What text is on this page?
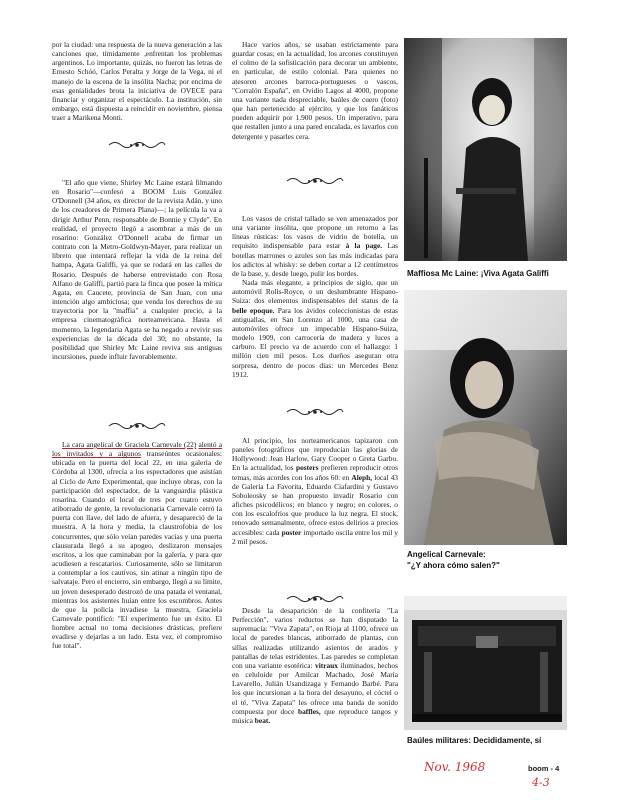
por la ciudad: una respuesta de la nueva generación a las canciones que, tímidamente ,enfrentan los problemas argentinos. Lo importante, quizás, no fueron las letras de Ernesto Schóó, Carlos Peralta y Jorge de la Vega, ni el manejo de la escena de la insólita Nacha; por encima de esas genialidades brota la iniciativa de OVECE para financiar y organizar el espectáculo. La institución, sin embargo, está dispuesta a reincidir en noviembre, piensa traer a Marikena Monti.

"El año que viene, Shirley Mc Laine estará filmando en Rosario"—confesó a BOOM Luis González O'Donnell (34 años, ex director de la revista Adán, y uno de los creadores de Primera Plana)—; la película la va a dirigir Arthur Penn, responsable de Bonnie y Clyde". En realidad, el proyecto llegó a asombrar a más de un rosarino: González O'Donnell acaba de firmar un contrato con la Metro-Goldwyn-Mayer, para realizar un libreto que intentará reflejar la vida de la reina del hampa, Agata Galiffi, ya que se rodará en las calles de Rosario. Después de haberse entrevistado con Rosa Alfano de Galiffi, partió para la finca que posee la mítica Agata, en Caucete, provincia de San Juan, con una intención algo ambiciosa; que venda los derechos de su trayectoria por la "maffia" a cualquier precio, a la empresa cinematográfica norteamericana. Hasta el momento, la legendaria Agata se ha negado a revivir sus experiencias de la década del 30; no obstante, la posibilidad que Shirley Mc Laine reviva sus antiguas incursiones, puede influir favorablemente.

La cara angelical de Graciela Carnevale (22) alentó a los invitados y a algunos transeúntes ocasionales: ubicada en la puerta del local 22, en una galería de Córdoba al 1300, ofrecía a los espectadores que asistían al Ciclo de Arte Experimental, que incluye obras, con la participación del espectador, de la vanguardia plástica rosarina. Cuando el local de tres por cuatro estuvo atiborrado de gente, la revolucionaria Carnevale cerró la puerta con llave, del lado de afuera, y desapareció de la muestra. A la hora y media, la claustrofobia de los concurrentes, que sólo veían paredes vacías y una puerta clausurada llegó a su apogeo, deslizaron mensajes escritos, a los que caminaban por la galería, y para que acudiesen a rescatarios. Curiosamente, sólo se limitaron a contemplar a los cautivos, sin atinar a ningún tipo de salvataje. Pero el encierro, sin embargo, llegó a su límite, un joven desesperado destrozó de una patada el ventanal, mientras los asistentes huían entre los escombros. Antes de que la policía invadiese la muestra, Graciela Carnevale pontificó: "El experimento fue un éxito. El hombre actual no toma decisiones drásticas, prefiere evadirse y dejarlas a un lado. Esta vez, el compromiso fue total".

Hace varios años, se usaban estrictamente para guardar cosas; en la actualidad, los arcones constituyen el colmo de la sofisticación para decorar un ambiente, en particular, de estilo colonial. Para quienes no atesoren arcones barroca-portugueses o vascos, "Corralón España", en Ovidio Lagos al 4000, propone una variante nada despreciable, baúles de cuero (foto) que han pertenecido al ejército, y que los fanáticos pueden adquirir por 1.900 pesos. Un imperativo, para que restallen junto a una pared encalada, es lavarlos con detergente y pasarles cera.

Los vasos de cristal tallado se ven amenazados por una variante insólita, que propone un retorno a las líneas rústicas: los vasos de vidrio de botella, un requisito indispensable para estar à la page. Las botellas marrones o azules son las más indicadas para los adictos al whisky: se deben cortar a 12 centímetros de la base, y, desde luego, pulir los bordes.

Nada más elegante, a principios de siglo, que un automóvil Rolls-Royce, o un deslumbrante Hispano-Suiza: dos elementos indispensables del status de la belle epoque. Para los ávidos coleccionistas de estas antiguallas, en San Lorenzo al 1000, una casa de automóviles ofrece un impecable Hispano-Suiza, modelo 1909, con carrocería de madera y luces a carburo. El precio va de acuerdo con el hallazgo: 1 millón cien mil pesos. Los dueños aseguran otra sorpresa, dentro de pocos días: un Mercedes Benz 1912.

Al principio, los norteamericanos tapizaron con paneles fotográficos que reproducían las glorias de Hollywood: Jean Harlow, Gary Cooper o Greta Garbo. En la actualidad, los posters prefieren reproducir otros temas, más acordes con los años 60: en Aleph, local 43 de Galería La Favorita, Eduardo Ciafardini y Gustavo Soboleosky se han propuesto invadir Rosario con afiches psicodélicos; en blanco y negro; en colores, o con los escalofríos que produce la luz negra. El stock, renovado semanalmente, ofrece estos delirios a precios accesibles: cada poster importado oscila entre los mil y 2 mil pesos.

Desde la desaparición de la confitería "La Perfección", varios reductos se han disputado la supremacía: "Viva Zapata", en Rioja al 1100, ofrece un local de paredes blancas, atiborrado de plantas, con sillas realizadas utilizando asientos de arados y pantallas de telas estridentes. Las paredes se completan con una variante esotérica: vitraux iluminados, hechos en celuloide por Amilcar Machado, José María Lavarello, Julián Usandizaga y Fernando Barbé. Para los que incursionan a la hora del desayuno, el cóctel o el té, "Viva Zapata" les ofrece una banda de sonido compuesta por doce baffles, que reproduce tangos y música beat.

Maffiosa Mc Laine: ¡Viva Agata Galiffi
Angelical Carnevale:
"¿Y ahora cómo salen?"
Baúles militares: Decididamente, sí
Nov. 1968	boom - 4
4-3
